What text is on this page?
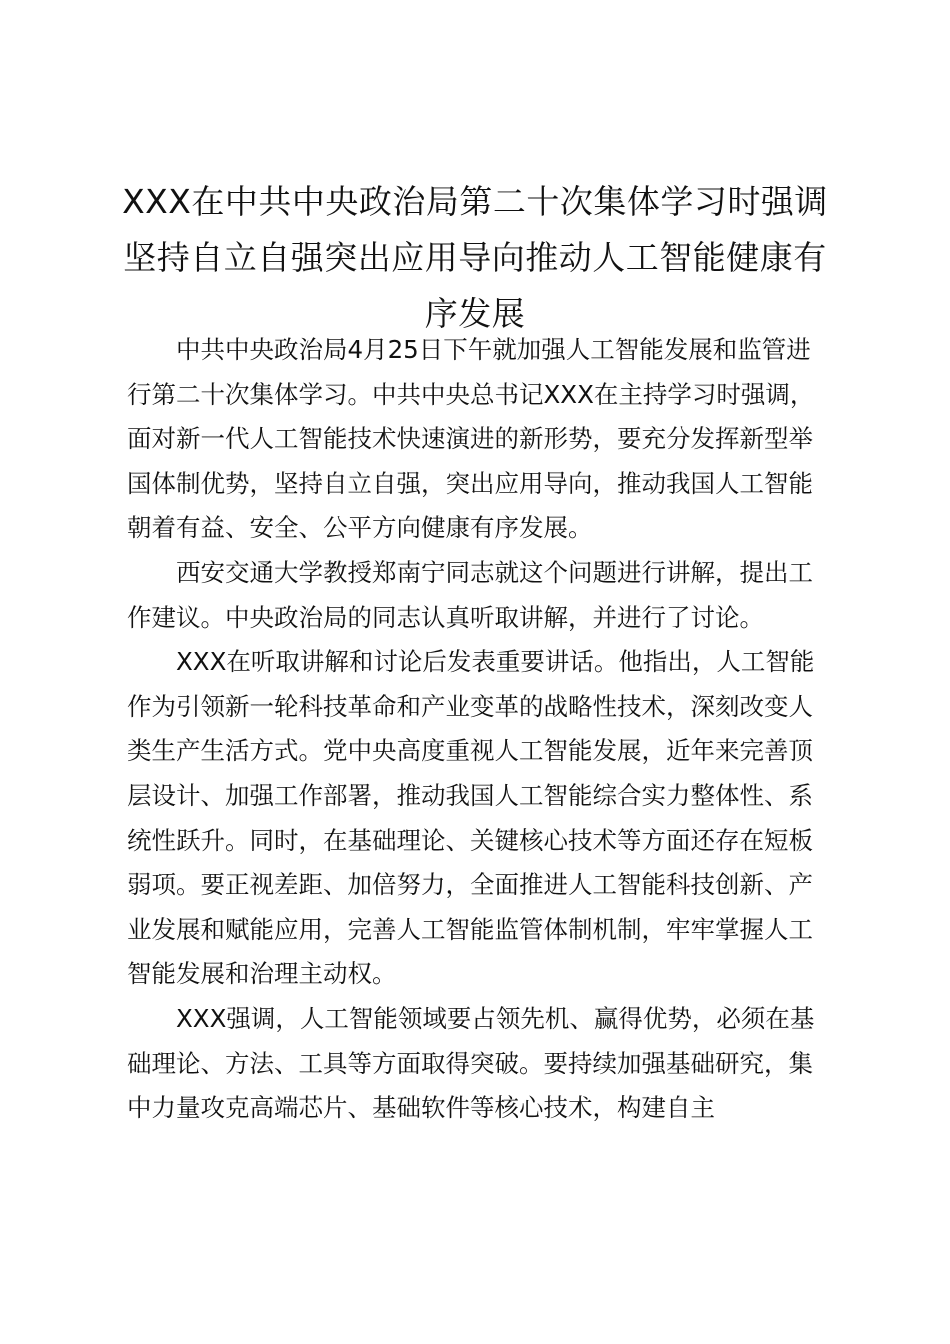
XXX在中共中央政治局第二十次集体学习时强调坚持自立自强突出应用导向推动人工智能健康有序发展

中共中央政治局4月25日下午就加强人工智能发展和监管进行第二十次集体学习。中共中央总书记XXX在主持学习时强调，面对新一代人工智能技术快速演进的新形势，要充分发挥新型举国体制优势，坚持自立自强，突出应用导向，推动我国人工智能朝着有益、安全、公平方向健康有序发展。

西安交通大学教授郑南宁同志就这个问题进行讲解，提出工作建议。中央政治局的同志认真听取讲解，并进行了讨论。

XXX在听取讲解和讨论后发表重要讲话。他指出，人工智能作为引领新一轮科技革命和产业变革的战略性技术，深刻改变人类生产生活方式。党中央高度重视人工智能发展，近年来完善顶层设计、加强工作部署，推动我国人工智能综合实力整体性、系统性跃升。同时，在基础理论、关键核心技术等方面还存在短板弱项。要正视差距、加倍努力，全面推进人工智能科技创新、产业发展和赋能应用，完善人工智能监管体制机制，牢牢掌握人工智能发展和治理主动权。

XXX强调，人工智能领域要占领先机、赢得优势，必须在基础理论、方法、工具等方面取得突破。要持续加强基础研究，集中力量攻克高端芯片、基础软件等核心技术，构建自主
